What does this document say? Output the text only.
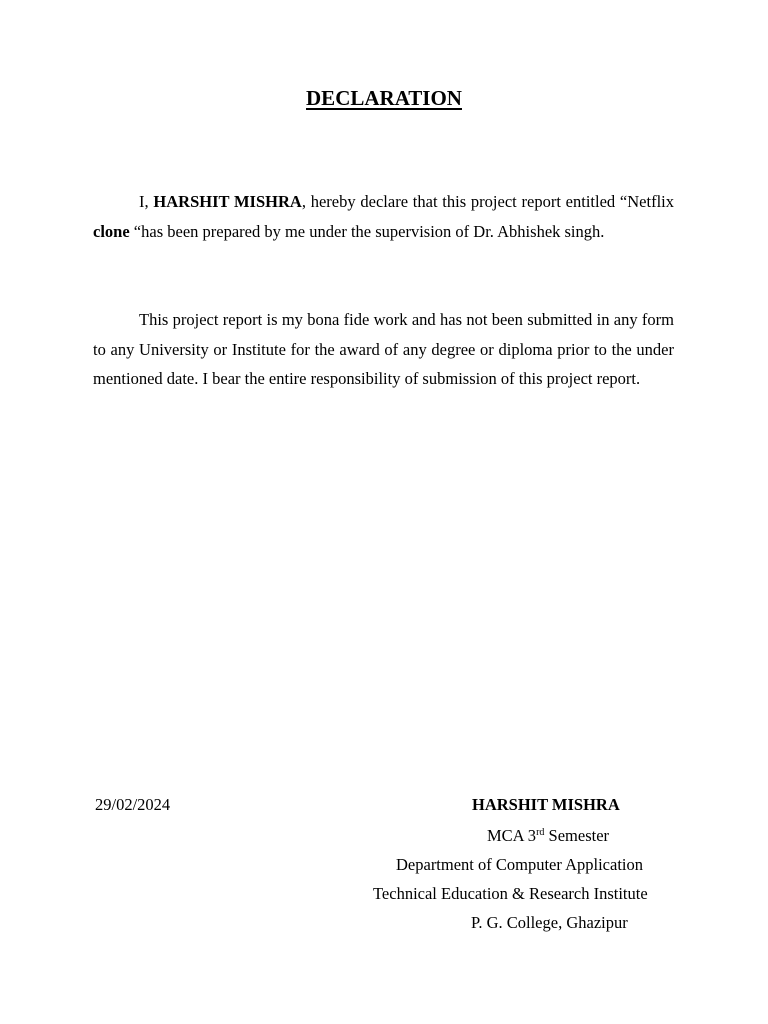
DECLARATION

I, HARSHIT MISHRA, hereby declare that this project report entitled “Netflix clone “has been prepared by me under the supervision of Dr. Abhishek singh.

This project report is my bona fide work and has not been submitted in any form to any University or Institute for the award of any degree or diploma prior to the under mentioned date. I bear the entire responsibility of submission of this project report.

29/02/2024	HARSHIT MISHRA

MCA 3rd Semester

Department of Computer Application

Technical Education & Research Institute

P. G. College, Ghazipur
